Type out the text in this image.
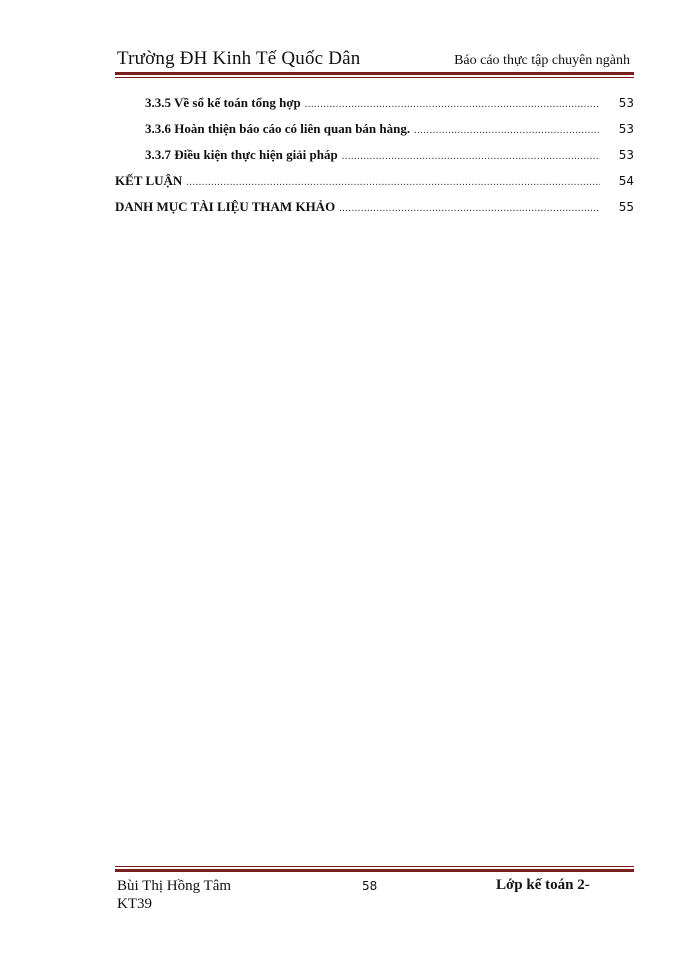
Trường ĐH Kinh Tế Quốc Dân	Báo cáo thực tập chuyên ngành
3.3.5 Về sổ kế toán tổng hợp .....	53
3.3.6 Hoàn thiện báo cáo có liên quan bán hàng. .....	53
3.3.7 Điều kiện thực hiện giải pháp .....	53
KẾT LUẬN .....	54
DANH MỤC TÀI LIỆU THAM KHẢO .....	55
Bùi Thị Hồng Tâm
KT39
58	Lớp kế toán 2-
